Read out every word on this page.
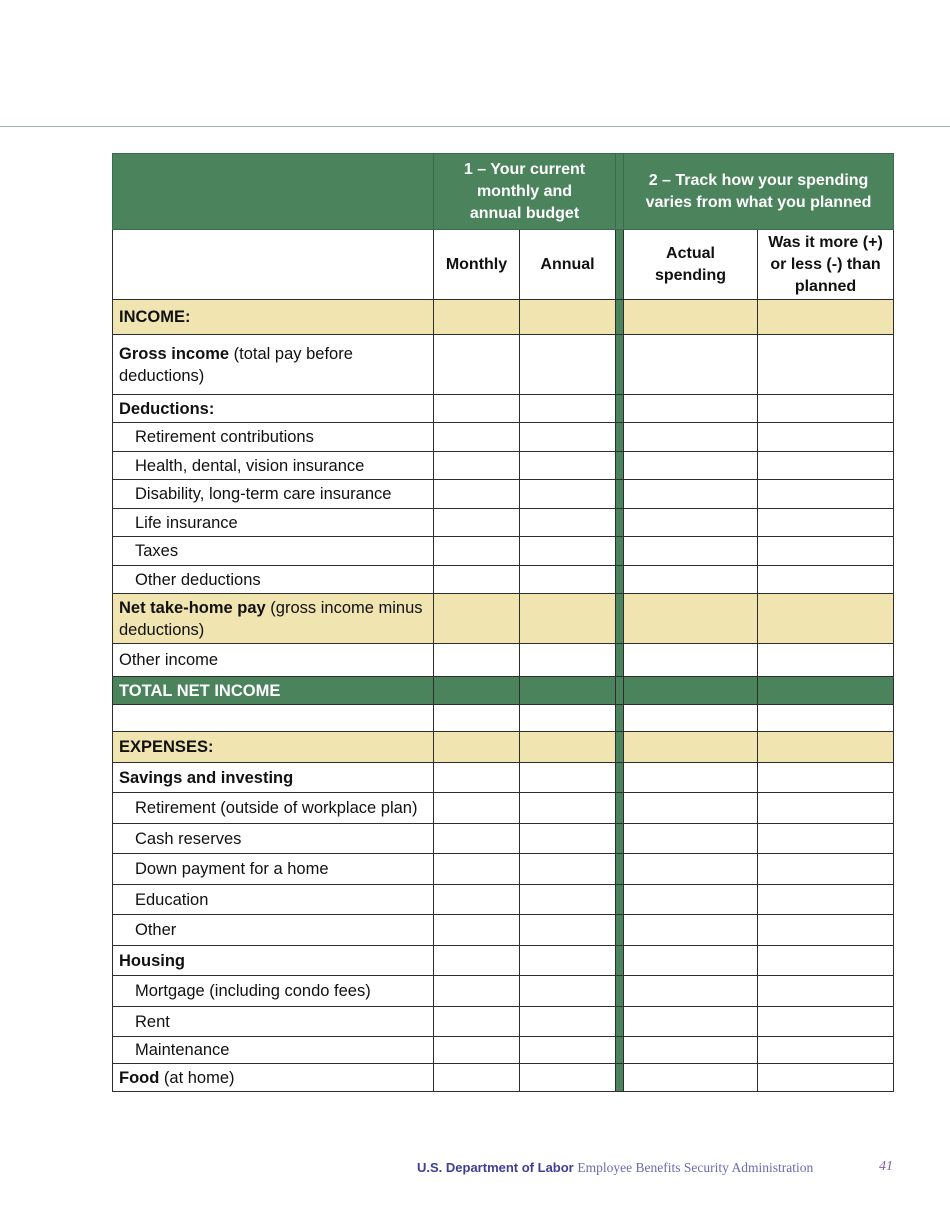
	1 – Your current monthly and annual budget			2 – Track how your spending varies from what you planned	
	Monthly	Annual		Actual spending	Was it more (+) or less (-) than planned
INCOME:					
Gross income (total pay before deductions)					
Deductions:					
Retirement contributions					
Health, dental, vision insurance					
Disability, long-term care insurance					
Life insurance					
Taxes					
Other deductions					
Net take-home pay (gross income minus deductions)					
Other income					
TOTAL NET INCOME					

EXPENSES:					
Savings and investing					
Retirement (outside of workplace plan)					
Cash reserves					
Down payment for a home					
Education					
Other					
Housing					
Mortgage (including condo fees)					
Rent					
Maintenance					
Food (at home)					
U.S. Department of Labor Employee Benefits Security Administration	41
